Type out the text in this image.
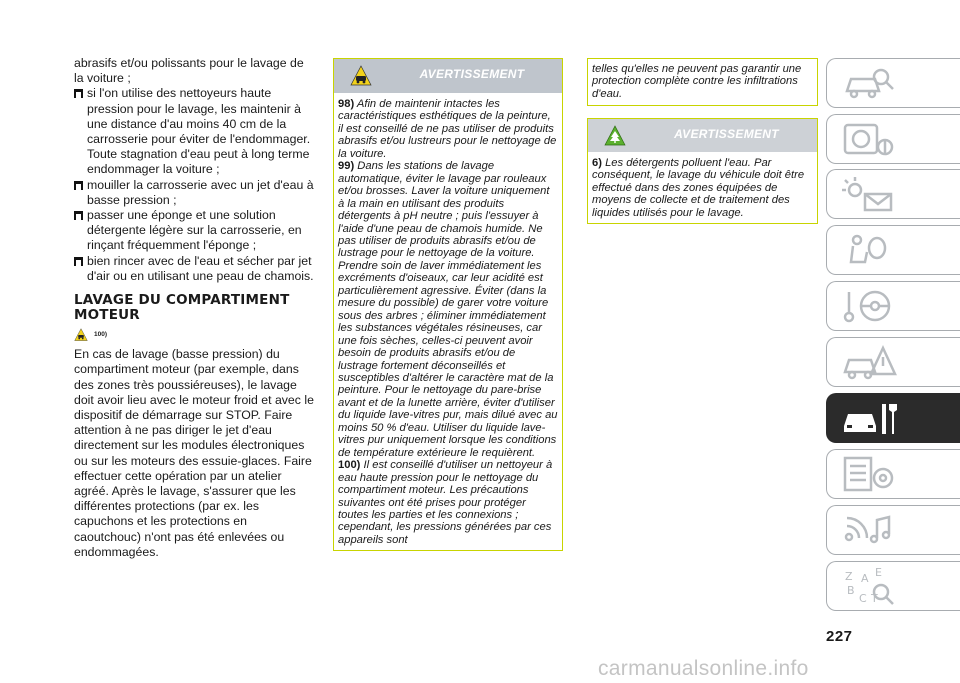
abrasifs et/ou polissants pour le lavage de la voiture ;

si l'on utilise des nettoyeurs haute pression pour le lavage, les maintenir à une distance d'au moins 40 cm de la carrosserie pour éviter de l'endommager. Toute stagnation d'eau peut à long terme endommager la voiture ;
mouiller la carrosserie avec un jet d'eau à basse pression ;
passer une éponge et une solution détergente légère sur la carrosserie, en rinçant fréquemment l'éponge ;
bien rincer avec de l'eau et sécher par jet d'air ou en utilisant une peau de chamois.

LAVAGE DU COMPARTIMENT MOTEUR

100)

En cas de lavage (basse pression) du compartiment moteur (par exemple, dans des zones très poussiéreuses), le lavage doit avoir lieu avec le moteur froid et avec le dispositif de démarrage sur STOP. Faire attention à ne pas diriger le jet d'eau directement sur les modules électroniques ou sur les moteurs des essuie-glaces. Faire effectuer cette opération par un atelier agréé. Après le lavage, s'assurer que les différentes protections (par ex. les capuchons et les protections en caoutchouc) n'ont pas été enlevées ou endommagées.

AVERTISSEMENT

98) Afin de maintenir intactes les caractéristiques esthétiques de la peinture, il est conseillé de ne pas utiliser de produits abrasifs et/ou lustreurs pour le nettoyage de la voiture.

99) Dans les stations de lavage automatique, éviter le lavage par rouleaux et/ou brosses. Laver la voiture uniquement à la main en utilisant des produits détergents à pH neutre ; puis l'essuyer à l'aide d'une peau de chamois humide. Ne pas utiliser de produits abrasifs et/ou de lustrage pour le nettoyage de la voiture. Prendre soin de laver immédiatement les excréments d'oiseaux, car leur acidité est particulièrement agressive. Éviter (dans la mesure du possible) de garer votre voiture sous des arbres ; éliminer immédiatement les substances végétales résineuses, car une fois sèches, celles-ci peuvent avoir besoin de produits abrasifs et/ou de lustrage fortement déconseillés et susceptibles d'altérer le caractère mat de la peinture. Pour le nettoyage du pare-brise avant et de la lunette arrière, éviter d'utiliser du liquide lave-vitres pur, mais dilué avec au moins 50 % d'eau. Utiliser du liquide lave-vitres pur uniquement lorsque les conditions de température extérieure le requièrent.

100) Il est conseillé d'utiliser un nettoyeur à eau haute pression pour le nettoyage du compartiment moteur. Les précautions suivantes ont été prises pour protéger toutes les parties et les connexions ; cependant, les pressions générées par ces appareils sont

telles qu'elles ne peuvent pas garantir une protection complète contre les infiltrations d'eau.
AVERTISSEMENT

6) Les détergents polluent l'eau. Par conséquent, le lavage du véhicule doit être effectué dans des zones équipées de moyens de collecte et de traitement des liquides utilisés pour le lavage.

Z A E
B
C T
227
carmanualsonline.info
